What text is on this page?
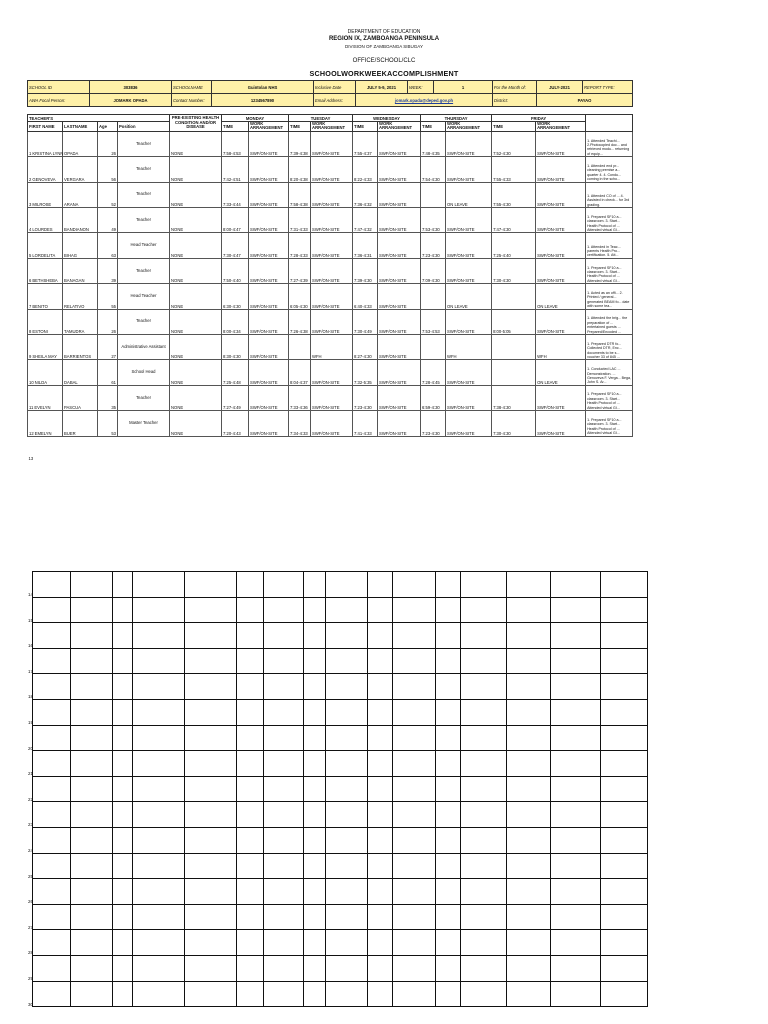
DEPARTMENT OF EDUCATION
REGION IX, ZAMBOANGA PENINSULA
DIVISION OF ZAMBOANGA SIBUGAY
OFFICE/SCHOOL/CLC
SCHOOLWORKWEEKACCOMPLISHMENT
SCHOOL ID	303836	SCHOOLNAME	Guintolan NHS	Inclusive Date	JULY 5-9, 2021	WEEK:	1	For the Month of:	JULY-2021	REPORT TYPE:
AWA Focal Person:	JOMARK OPADA	Contact Number:	1234567890	Email Address:	jomark.opada@deped.gov.ph			District:	PAYAO	
TEACHER'S				PRE-EXISTING HEALTH CONDITION AND/OR DISEASE	MONDAY		TUESDAY		WEDNESDAY		THURSDAY		FRIDAY		
FIRST NAME	LASTNAME	Age	Position		TIME	WORK ARRANGEMENT	TIME	WORK ARRANGEMENT	TIME	WORK ARRANGEMENT	TIME	WORK ARRANGEMENT	TIME	WORK ARRANGEMENT	
1KRISTINA LYNN	OPADA	26	Teacher	NONE	7:58-4:53	SWF/ON-SITE	7:39-4:38	SWF/ON-SITE	7:55-4:37	SWF/ON-SITE	7:48-4:35	SWF/ON-SITE	7:52-4:30	SWF/ON-SITE	1. Attended Teachi... 2.Photocopied doc... and retrieved modu... returning of equip...
2GENOVEVA	VERGARA	56	Teacher	NONE	7:42-4:51	SWF/ON-SITE	8:20-4:38	SWF/ON-SITE	8:22-4:33	SWF/ON-SITE	7:54-4:30	SWF/ON-SITE	7:55-4:33	SWF/ON-SITE	1. Attended end pr... cleaning premise a... quarter 4. 4. Condu... coming in the scho...
3MILROSE	ARANA	52	Teacher	NONE	7:33-4:44	SWF/ON-SITE	7:58-4:38	SWF/ON-SITE	7:36-4:32	SWF/ON-SITE		ON LEAVE	7:55-4:30	SWF/ON-SITE	1. Attended CO of ... 4. Assisted in check... for 3rd grading.
4LOURDES	BANDIANON	49	Teacher	NONE	8:00-4:47	SWF/ON-SITE	7:31-4:33	SWF/ON-SITE	7:47-4:32	SWF/ON-SITE	7:53-4:30	SWF/ON-SITE	7:47-4:30	SWF/ON-SITE	1. Prepared SF10 a... classroom. 3. Start... Health Protocol of ... Attended virtual GI...
5LORDELITA	BIHAG	63	Head Teacher	NONE	7:30-4:47	SWF/ON-SITE	7:28-4:33	SWF/ON-SITE	7:36-4:31	SWF/ON-SITE	7:23-4:30	SWF/ON-SITE	7:25-4:40	SWF/ON-SITE	1. Attended in Teac... parents Health Pro... certification. 5. Att...
6BETHSHEBA	BANAGAN	39	Teacher	NONE	7:50-4:40	SWF/ON-SITE	7:27-4:39	SWF/ON-SITE	7:39-4:30	SWF/ON-SITE	7:09-4:30	SWF/ON-SITE	7:30-4:30	SWF/ON-SITE	1. Prepared SF10 a... classroom. 3. Start... Health Protocol of ... Attended virtual GI...
7BENITO	RELATIVO	55	Head Teacher	NONE	6:30-4:30	SWF/ON-SITE	6:05-4:30	SWF/ON-SITE	6:40-4:33	SWF/ON-SITE		ON LEAVE		ON LEAVE	1. Acted as an offi... 2. Printed / general... generated BEAM fo... date with some tea...
8ESTONI	TAMUDRA	26	Teacher	NONE	8:00-4:34	SWF/ON-SITE	7:26-4:38	SWF/ON-SITE	7:30-4:49	SWF/ON-SITE	7:53-4:53	SWF/ON-SITE	8:00-5:05	SWF/ON-SITE	1. Attended the brig... the preparation of ... entertained guests ... Prepared/Encoded ...
9SHEILA MAY	BARRIENTOS	27	Administrative Assistant	NONE	8:30-4:30	SWF/ON-SITE		WFH	8:27-4:30	SWF/ON-SITE		WFH		WFH	1. Prepared DTR fo... Collected DTR, Enc... documents to be s... voucher 33 of 845 ...
10NILDA	DABAL	61	School Head	NONE	7:25-4:48	SWF/ON-SITE	8:04-4:37	SWF/ON-SITE	7:32-5:35	SWF/ON-SITE	7:28-4:45	SWF/ON-SITE		ON LEAVE	1. Conducted LAC ... Demonstration. ... Genoveva F. Verga... Bega, John S. Ar...
11EVELYN	PASCUA	35	Teacher	NONE	7:27-4:49	SWF/ON-SITE	7:33-4:36	SWF/ON-SITE	7:23-4:30	SWF/ON-SITE	6:59-4:30	SWF/ON-SITE	7:38-4:30	SWF/ON-SITE	1. Prepared SF10 a... classroom. 3. Start... Health Protocol of ... Attended virtual GI...
12EMELYN	BUER	53	Master Teacher	NONE	7:20-4:43	SWF/ON-SITE	7:34-4:33	SWF/ON-SITE	7:41-4:33	SWF/ON-SITE	7:23-4:30	SWF/ON-SITE	7:30-4:30	SWF/ON-SITE	1. Prepared SF10 a... classroom. 3. Start... Health Protocol of ... Attended virtual GI...
13															
14																
15																
16																
17																
18																
19																
20																
21																
22																
23																
24																
25																
26																
27																
28																
29																
30																
